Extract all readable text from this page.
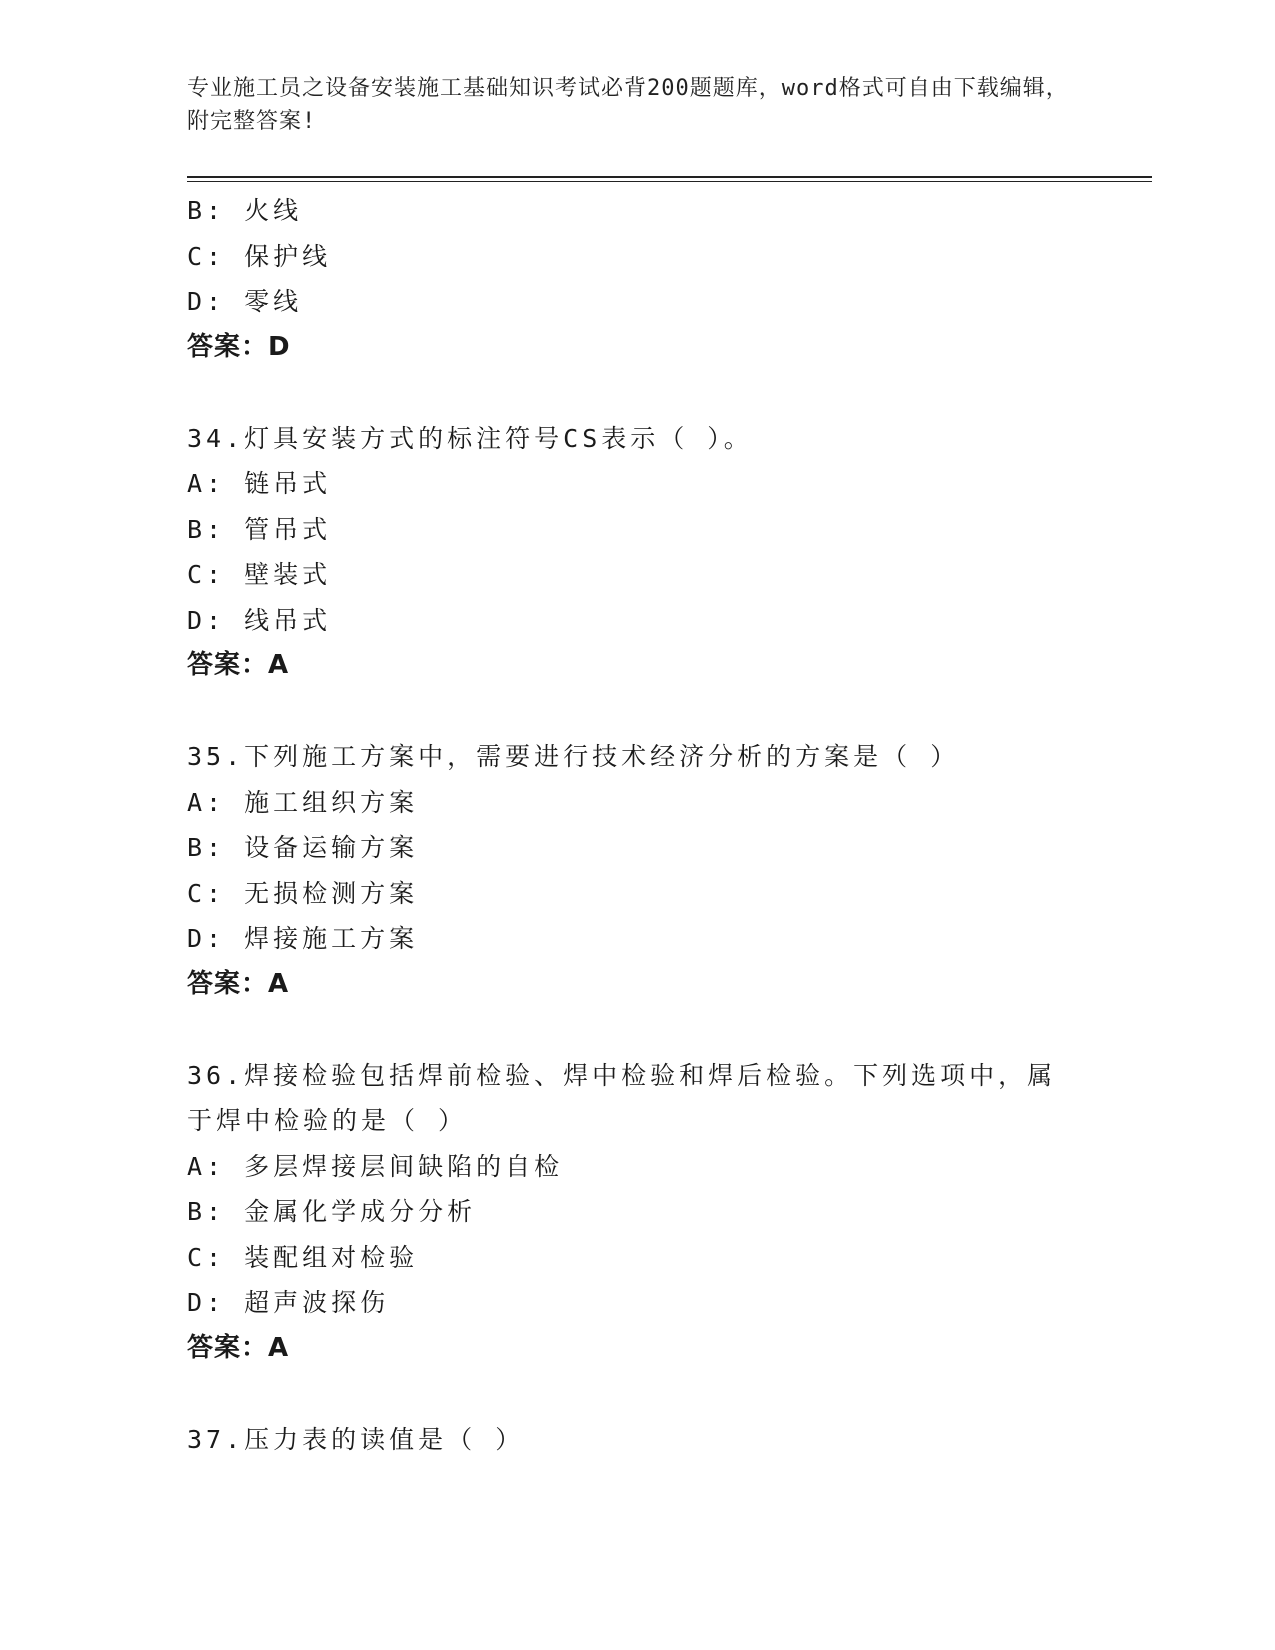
专业施工员之设备安装施工基础知识考试必背200题题库，word格式可自由下载编辑，附完整答案!
B: 火线
C: 保护线
D: 零线
答案：D
34.灯具安装方式的标注符号CS表示（ ）。
A: 链吊式
B: 管吊式
C: 壁装式
D: 线吊式
答案：A
35.下列施工方案中，需要进行技术经济分析的方案是（ ）
A: 施工组织方案
B: 设备运输方案
C: 无损检测方案
D: 焊接施工方案
答案：A
36.焊接检验包括焊前检验、焊中检验和焊后检验。下列选项中，属于焊中检验的是（ ）
A: 多层焊接层间缺陷的自检
B: 金属化学成分分析
C: 装配组对检验
D: 超声波探伤
答案：A
37.压力表的读值是（ ）
